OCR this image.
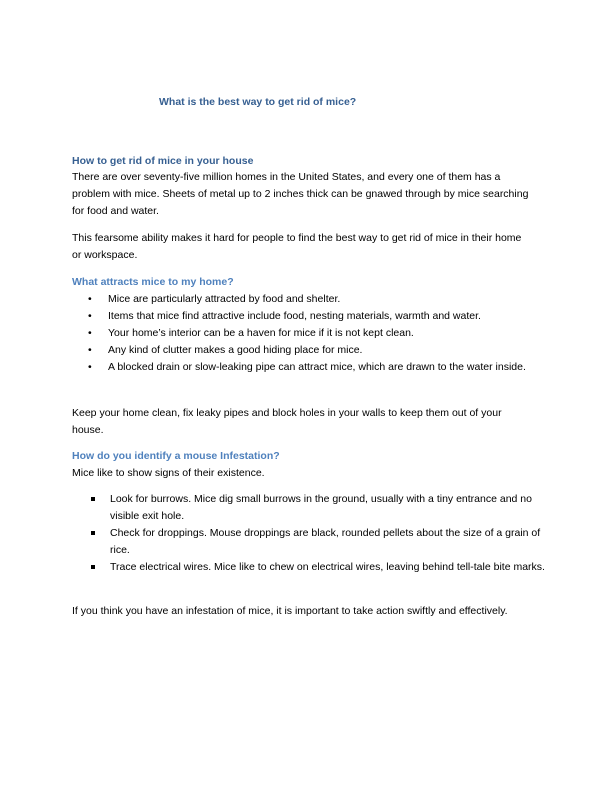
What is the best way to get rid of mice?
How to get rid of mice in your house
There are over seventy-five million homes in the United States, and every one of them has a problem with mice. Sheets of metal up to 2 inches thick can be gnawed through by mice searching for food and water.
This fearsome ability makes it hard for people to find the best way to get rid of mice in their home or workspace.
What attracts mice to my home?
•	Mice are particularly attracted by food and shelter.
•	Items that mice find attractive include food, nesting materials, warmth and water.
•	Your home’s interior can be a haven for mice if it is not kept clean.
•	Any kind of clutter makes a good hiding place for mice.
•	A blocked drain or slow-leaking pipe can attract mice, which are drawn to the water inside.
Keep your home clean, fix leaky pipes and block holes in your walls to keep them out of your house.
How do you identify a mouse Infestation?
Mice like to show signs of their existence.
Look for burrows. Mice dig small burrows in the ground, usually with a tiny entrance and no visible exit hole.
Check for droppings. Mouse droppings are black, rounded pellets about the size of a grain of rice.
Trace electrical wires. Mice like to chew on electrical wires, leaving behind tell-tale bite marks.
If you think you have an infestation of mice, it is important to take action swiftly and effectively.
